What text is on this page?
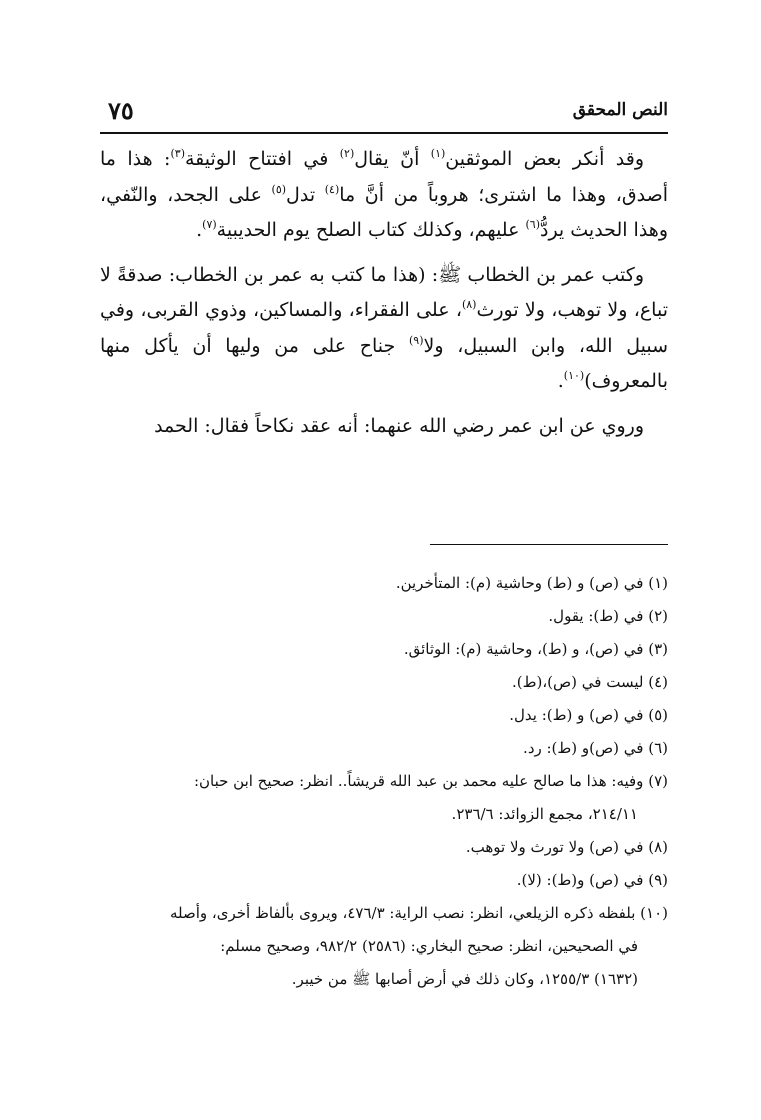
النص المحقق
٧٥

وقد أنكر بعض الموثقين$^{(١)}$ أنّ يقال$^{(٢)}$ في افتتاح الوثيقة$^{(٣)}$: هذا ما أصدق، وهذا ما اشترى؛ هروباً من أنَّ ما$^{(٤)}$ تدل$^{(٥)}$ على الجحد، والنّفي، وهذا الحديث يردُّ$^{(٦)}$ عليهم، وكذلك كتاب الصلح يوم الحديبية$^{(٧)}$.

وكتب عمر بن الخطاب ﷺ: (هذا ما كتب به عمر بن الخطاب: صدقةً لا تباع، ولا توهب، ولا تورث$^{(٨)}$، على الفقراء، والمساكين، وذوي القربى، وفي سبيل الله، وابن السبيل، ولا$^{(٩)}$ جناح على من وليها أن يأكل منها بالمعروف)$^{(١٠)}$.

وروي عن ابن عمر رضي الله عنهما: أنه عقد نكاحاً فقال: الحمد

(١) في (ص) و (ط) وحاشية (م): المتأخرين.

(٢) في (ط): يقول.

(٣) في (ص)، و (ط)، وحاشية (م): الوثائق.

(٤) ليست في (ص)،(ط).

(٥) في (ص) و (ط): يدل.

(٦) في (ص)و (ط): رد.

(٧) وفيه: هذا ما صالح عليه محمد بن عبد الله قريشاً.. انظر: صحيح ابن حبان:
٢١٤/١١، مجمع الزوائد: ٢٣٦/٦.

(٨) في (ص) ولا تورث ولا توهب.

(٩) في (ص) و(ط): (لا).

(١٠) بلفظه ذكره الزيلعي، انظر: نصب الراية: ٤٧٦/٣، ويروى بألفاظ أخرى، وأصله
في الصحيحين، انظر: صحيح البخاري: (٢٥٨٦) ٩٨٢/٢، وصحيح مسلم:
(١٦٣٢) ١٢٥٥/٣، وكان ذلك في أرض أصابها ﷺ من خيبر.
